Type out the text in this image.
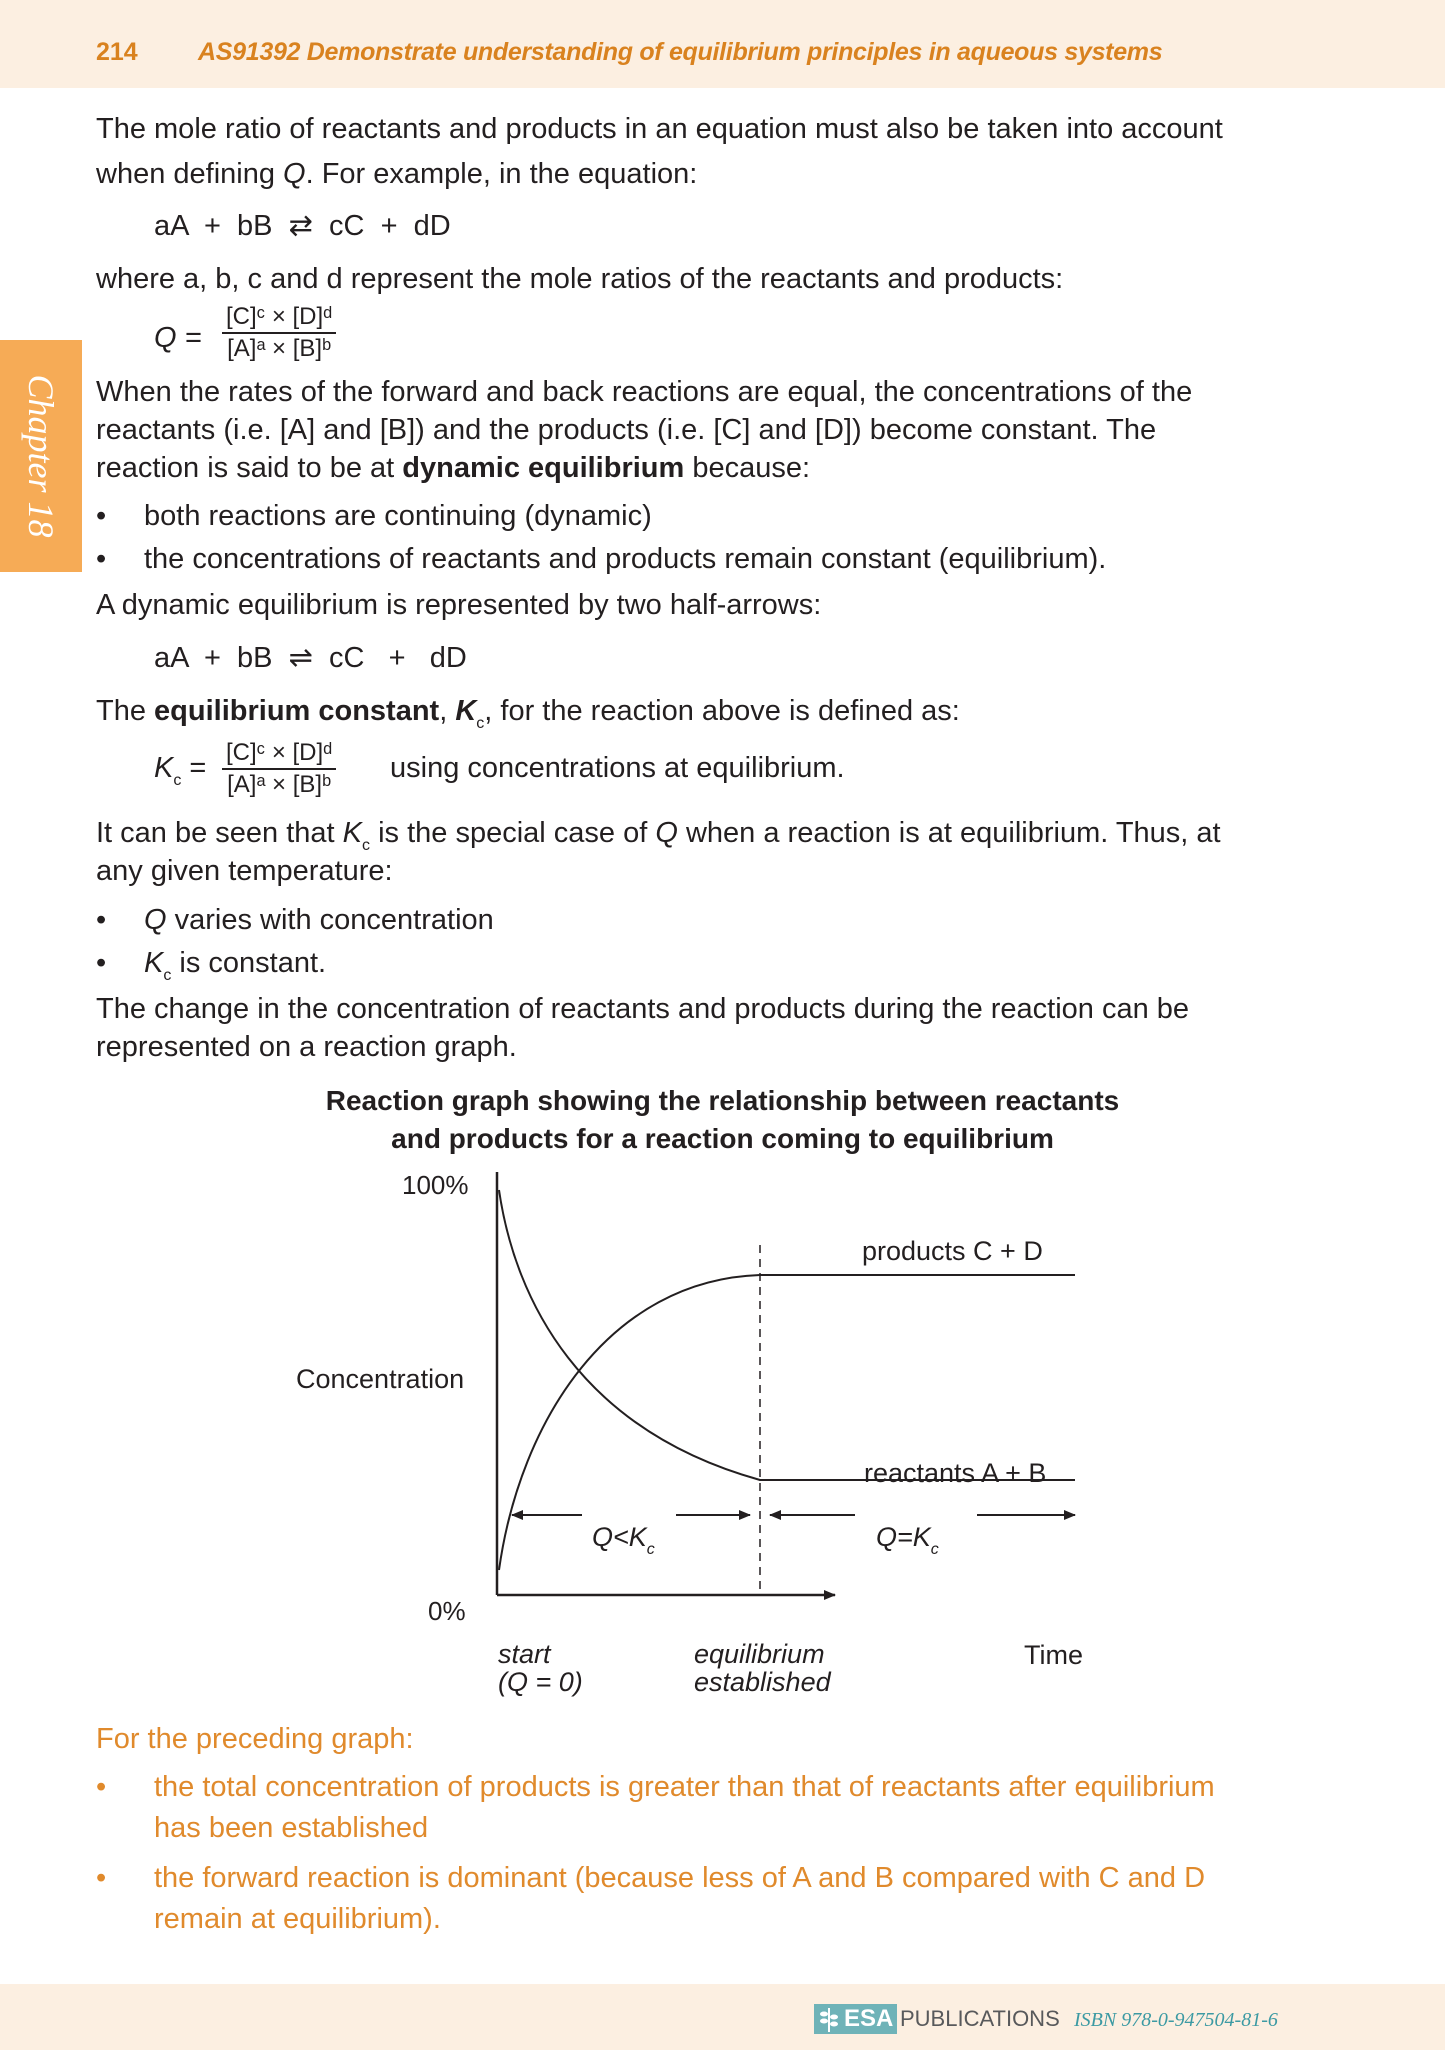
214 AS91392 Demonstrate understanding of equilibrium principles in aqueous systems
Chapter 18
The mole ratio of reactants and products in an equation must also be taken into account
when defining Q. For example, in the equation:
aA  +  bB  ⇄  cC  +  dD
where a, b, c and d represent the mole ratios of the reactants and products:
$Q = \frac{\text{[C]ᶜ × [D]ᵈ}}{\text{[A]ᵃ × [B]ᵇ}}$
When the rates of the forward and back reactions are equal, the concentrations of the
reactants (i.e. [A] and [B]) and the products (i.e. [C] and [D]) become constant. The
reaction is said to be at dynamic equilibrium because:
• both reactions are continuing (dynamic)
• the concentrations of reactants and products remain constant (equilibrium).
A dynamic equilibrium is represented by two half-arrows:
aA  +  bB  ⇌  cC   +   dD
The equilibrium constant, $K_c$, for the reaction above is defined as:
$K_c = \frac{\text{[C]ᶜ × [D]ᵈ}}{\text{[A]ᵃ × [B]ᵇ}}$ using concentrations at equilibrium.
It can be seen that $K_c$ is the special case of Q when a reaction is at equilibrium. Thus, at
any given temperature:
• Q varies with concentration
• $K_c$ is constant.
The change in the concentration of reactants and products during the reaction can be
represented on a reaction graph.
Reaction graph showing the relationship between reactants
and products for a reaction coming to equilibrium
100%
Concentration
0%
products C + D
reactants A + B
$Q<K_c$	$Q=K_c$
start
(Q = 0)
equilibrium
established
Time
For the preceding graph:
• the total concentration of products is greater than that of reactants after equilibrium
has been established
• the forward reaction is dominant (because less of A and B compared with C and D
remain at equilibrium).
ESA PUBLICATIONS ISBN 978-0-947504-81-6
